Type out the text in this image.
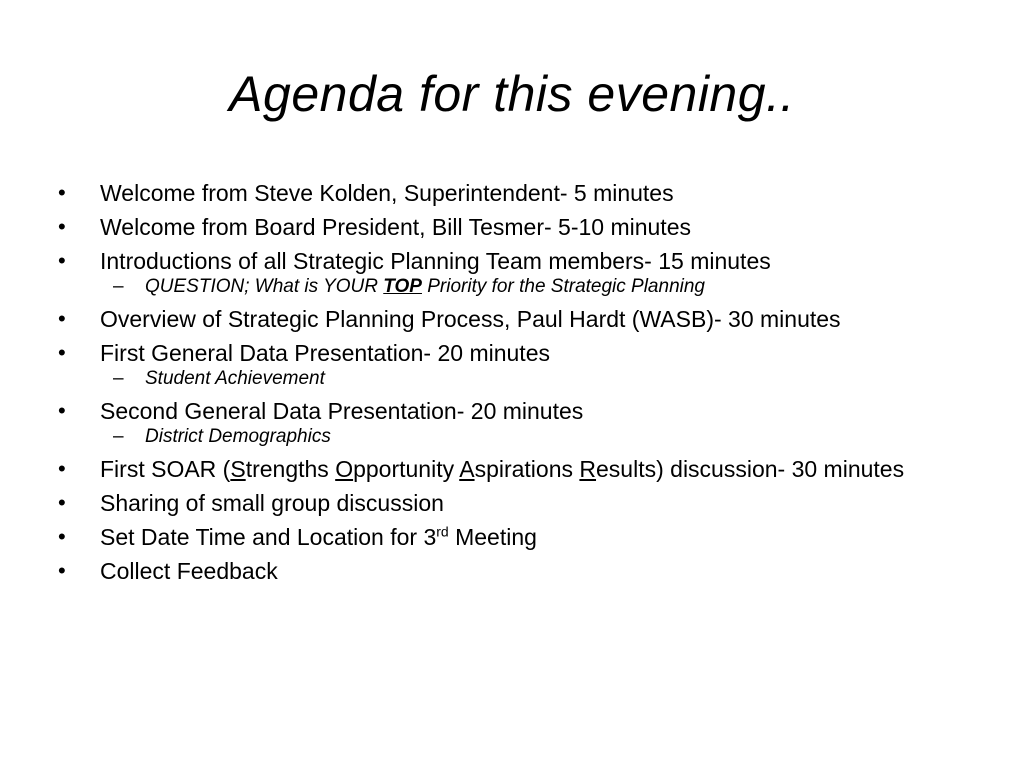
Agenda for this evening..
•	Welcome from Steve Kolden, Superintendent- 5 minutes
•	Welcome from Board President, Bill Tesmer- 5-10 minutes
•	Introductions of all Strategic Planning Team members- 15 minutes
– QUESTION; What is YOUR TOP Priority for the Strategic Planning
•	Overview of Strategic Planning Process, Paul Hardt (WASB)- 30 minutes
•	First General Data Presentation- 20 minutes
– Student Achievement
•	Second General Data Presentation- 20 minutes
– District Demographics
•	First SOAR (Strengths Opportunity Aspirations Results) discussion- 30 minutes
•	Sharing of small group discussion
•	Set Date Time and Location for 3rd Meeting
•	Collect Feedback
